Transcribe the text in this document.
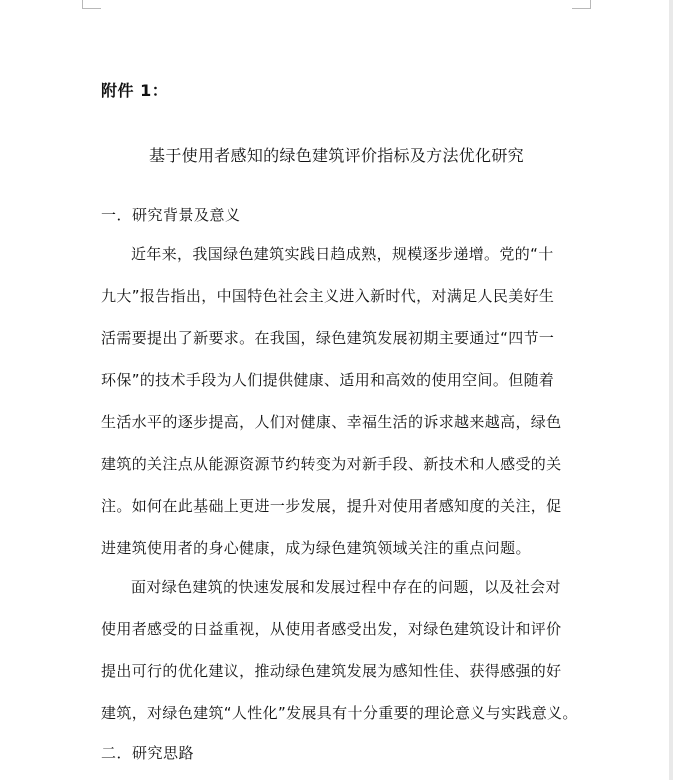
附件 1：
基于使用者感知的绿色建筑评价指标及方法优化研究
一．研究背景及意义
近年来，我国绿色建筑实践日趋成熟，规模逐步递增。党的“十
九大”报告指出，中国特色社会主义进入新时代，对满足人民美好生
活需要提出了新要求。在我国，绿色建筑发展初期主要通过“四节一
环保”的技术手段为人们提供健康、适用和高效的使用空间。但随着
生活水平的逐步提高，人们对健康、幸福生活的诉求越来越高，绿色
建筑的关注点从能源资源节约转变为对新手段、新技术和人感受的关
注。如何在此基础上更进一步发展，提升对使用者感知度的关注，促
进建筑使用者的身心健康，成为绿色建筑领域关注的重点问题。
面对绿色建筑的快速发展和发展过程中存在的问题，以及社会对
使用者感受的日益重视，从使用者感受出发，对绿色建筑设计和评价
提出可行的优化建议，推动绿色建筑发展为感知性佳、获得感强的好
建筑，对绿色建筑“人性化”发展具有十分重要的理论意义与实践意义。
二．研究思路
